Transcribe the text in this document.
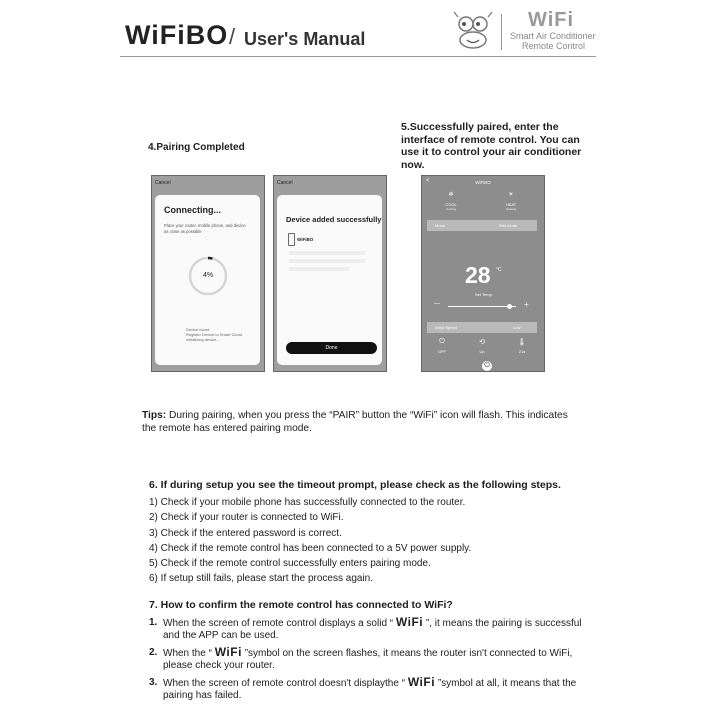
WiFiBO / User's Manual
WiFi
Smart Air Conditioner
Remote Control
4.Pairing Completed
5.Successfully paired, enter the interface of remote control. You can use it to control your air conditioner now.
Cancel
Connecting...
Place your router, mobile phone, and device as close as possible
4%
Device found
Register Device to Smart Cloud
Initializing device...
Cancel
Device added successfully
WiFiBO
Done
<	WiFiBO
❄
COOL
Cooling
☀
HEAT
Heating
Mode	Wet mode
28 °C
Set Temp
—	+
Wind Speed	Low
⏻
OFF
⟲
Up
🌡
21s
⏻
Tips: During pairing, when you press the “PAIR” button the “WiFi” icon will flash. This indicates the remote has entered pairing mode.
6. If during setup you see the timeout prompt, please check as the following steps.
1) Check if your mobile phone has successfully connected to the router.
2) Check if your router is connected to WiFi.
3) Check if the entered password is correct.
4) Check if the remote control has been connected to a 5V power supply.
5) Check if the remote control successfully enters pairing mode.
6) If setup still fails, please start the process again.
7. How to confirm the remote control has connected to WiFi?
1. When the screen of remote control displays a solid “ WiFi ”, it means the pairing is successful and the APP can be used.
2. When the “ WiFi ”symbol on the screen flashes, it means the router isn't connected to WiFi, please check your router.
3. When the screen of remote control doesn't displaythe “ WiFi ”symbol at all, it means that the pairing has failed.
